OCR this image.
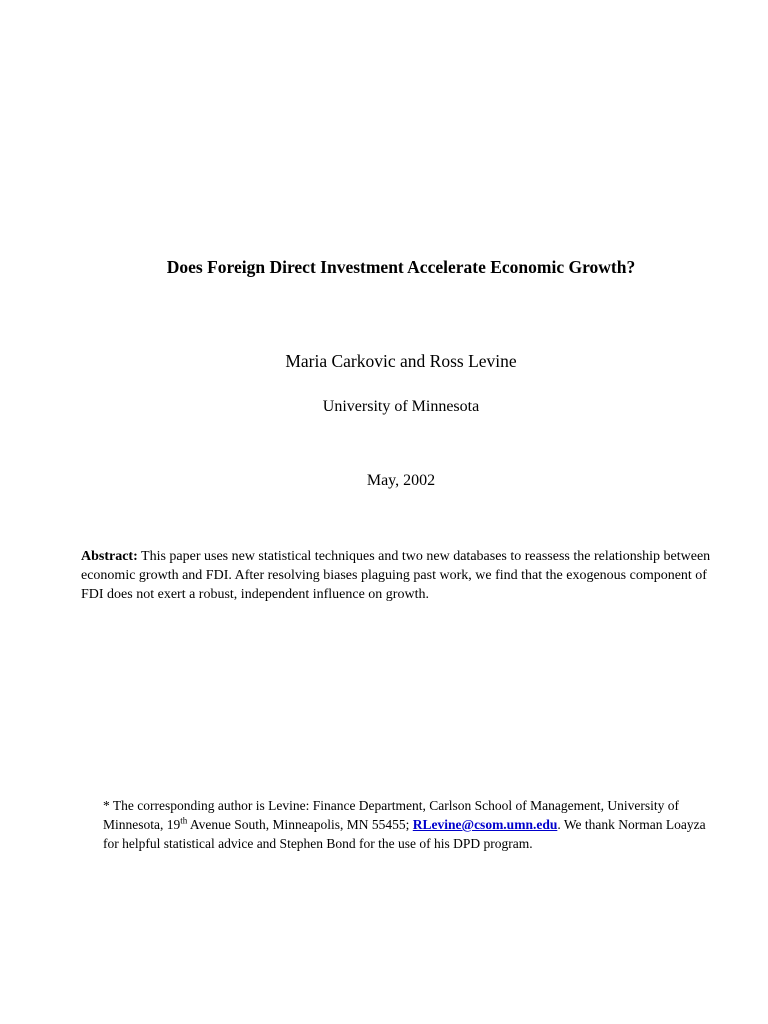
Does Foreign Direct Investment Accelerate Economic Growth?

Maria Carkovic and Ross Levine

University of Minnesota

May, 2002

Abstract: This paper uses new statistical techniques and two new databases to reassess the relationship between economic growth and FDI. After resolving biases plaguing past work, we find that the exogenous component of FDI does not exert a robust, independent influence on growth.

* The corresponding author is Levine: Finance Department, Carlson School of Management, University of Minnesota, 19th Avenue South, Minneapolis, MN 55455; RLevine@csom.umn.edu. We thank Norman Loayza for helpful statistical advice and Stephen Bond for the use of his DPD program.
